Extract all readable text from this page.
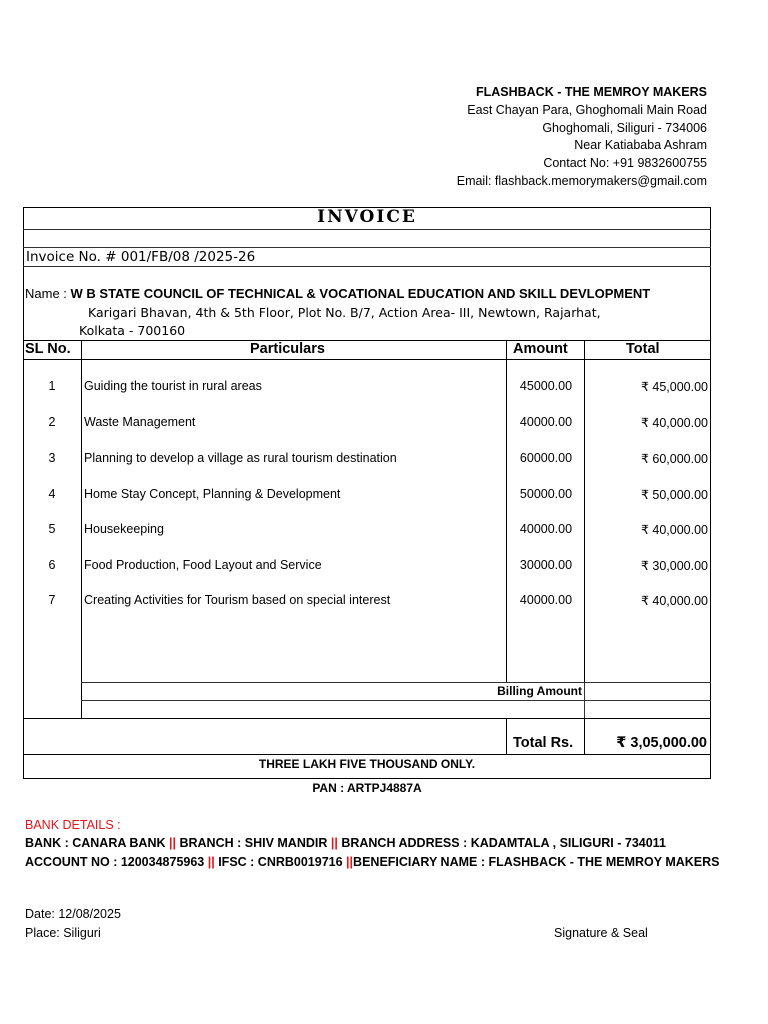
FLASHBACK - THE MEMROY MAKERS
East Chayan Para, Ghoghomali Main Road
Ghoghomali, Siliguri - 734006
Near Katiababa Ashram
Contact No: +91 9832600755
Email: flashback.memorymakers@gmail.com
INVOICE
Invoice No. # 001/FB/08 /2025-26
Name : W B STATE COUNCIL OF TECHNICAL & VOCATIONAL EDUCATION AND SKILL DEVLOPMENT
Karigari Bhavan, 4th & 5th Floor, Plot No. B/7, Action Area- III, Newtown, Rajarhat,
Kolkata - 700160
SL No.	Particulars	Amount	Total
1	Guiding the tourist in rural areas	45000.00	₹ 45,000.00
2	Waste Management	40000.00	₹ 40,000.00
3	Planning to develop a village as rural tourism destination	60000.00	₹ 60,000.00
4	Home Stay Concept, Planning & Development	50000.00	₹ 50,000.00
5	Housekeeping	40000.00	₹ 40,000.00
6	Food Production, Food Layout and Service	30000.00	₹ 30,000.00
7	Creating Activities for Tourism based on special interest	40000.00	₹ 40,000.00
Billing Amount
Total Rs.	₹ 3,05,000.00
THREE LAKH FIVE THOUSAND ONLY.
PAN : ARTPJ4887A
BANK DETAILS :
BANK : CANARA BANK || BRANCH : SHIV MANDIR || BRANCH ADDRESS : KADAMTALA , SILIGURI - 734011
ACCOUNT NO : 120034875963 || IFSC : CNRB0019716 ||BENEFICIARY NAME : FLASHBACK - THE MEMROY MAKERS
Date: 12/08/2025
Place: Siliguri	Signature & Seal
